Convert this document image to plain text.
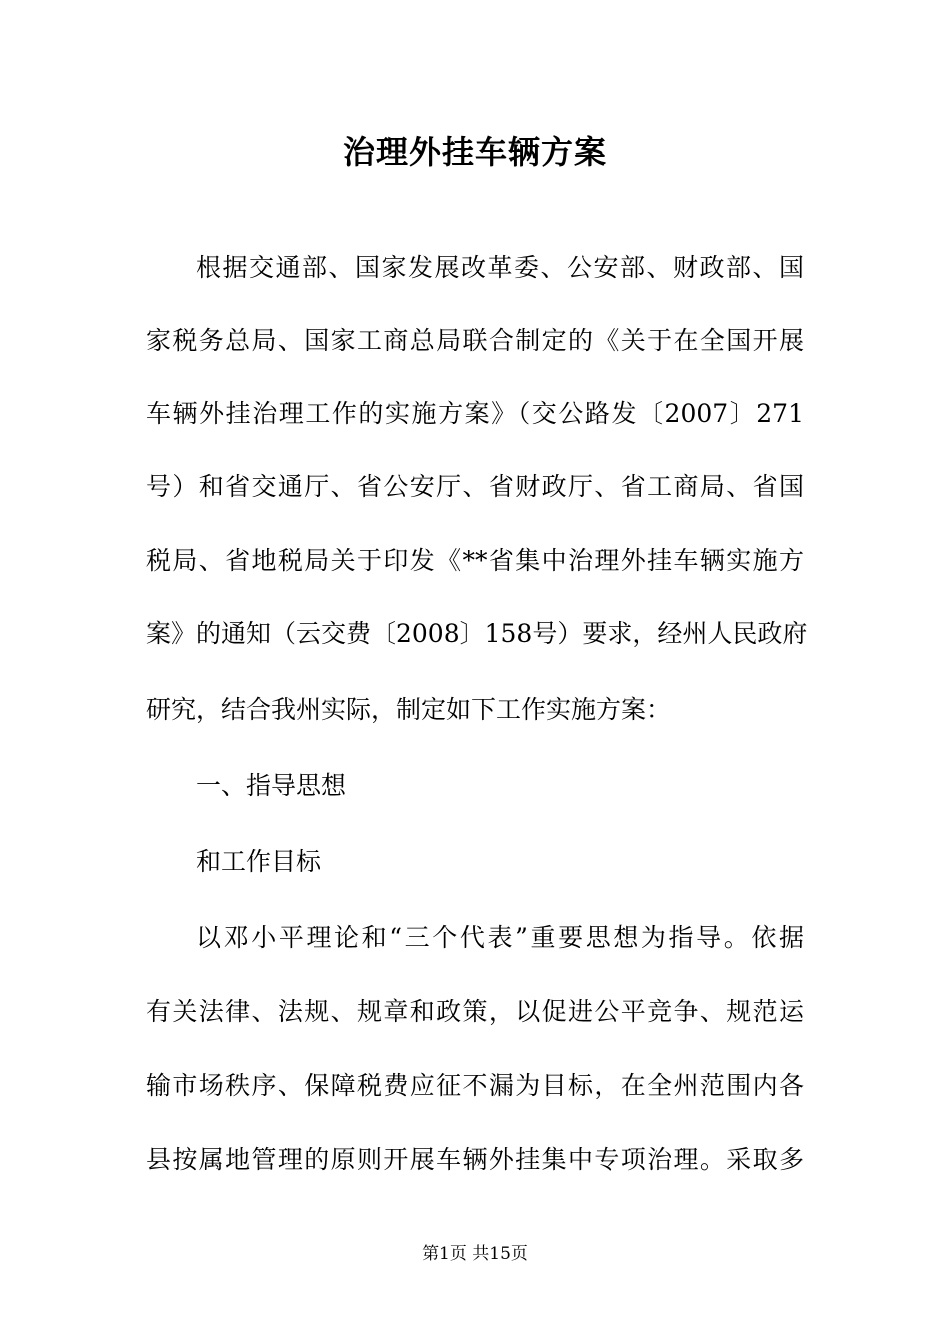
治理外挂车辆方案

根据交通部、国家发展改革委、公安部、财政部、国

家税务总局、国家工商总局联合制定的《关于在全国开展

车辆外挂治理工作的实施方案》（交公路发〔2007〕271

号）和省交通厅、省公安厅、省财政厅、省工商局、省国

税局、省地税局关于印发《**省集中治理外挂车辆实施方

案》的通知（云交费〔2008〕158号）要求，经州人民政府

研究，结合我州实际，制定如下工作实施方案：

一、指导思想

和工作目标

以邓小平理论和“三个代表”重要思想为指导。依据

有关法律、法规、规章和政策，以促进公平竞争、规范运

输市场秩序、保障税费应征不漏为目标，在全州范围内各

县按属地管理的原则开展车辆外挂集中专项治理。采取多

第1页 共15页
